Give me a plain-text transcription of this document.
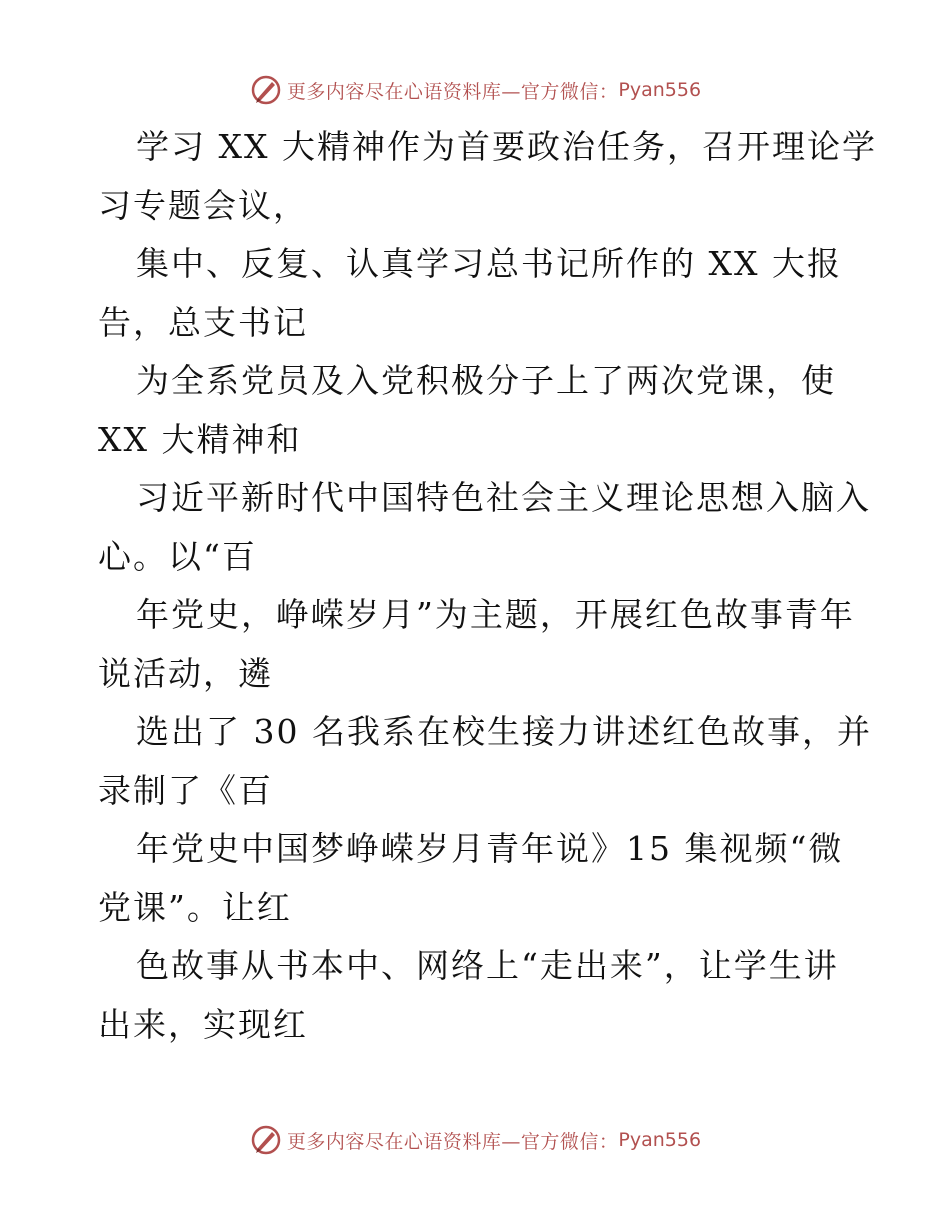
更多内容尽在心语资料库—官方微信： Pyan556

学习 XX 大精神作为首要政治任务，召开理论学
习专题会议，

集中、反复、认真学习总书记所作的 XX 大报
告，总支书记

为全系党员及入党积极分子上了两次党课，使
XX 大精神和

习近平新时代中国特色社会主义理论思想入脑入
心。以“百

年党史，峥嵘岁月”为主题，开展红色故事青年
说活动，遴

选出了 30 名我系在校生接力讲述红色故事，并
录制了《百

年党史中国梦峥嵘岁月青年说》15 集视频“微
党课”。让红

色故事从书本中、网络上“走出来”，让学生讲
出来，实现红

更多内容尽在心语资料库—官方微信： Pyan556
